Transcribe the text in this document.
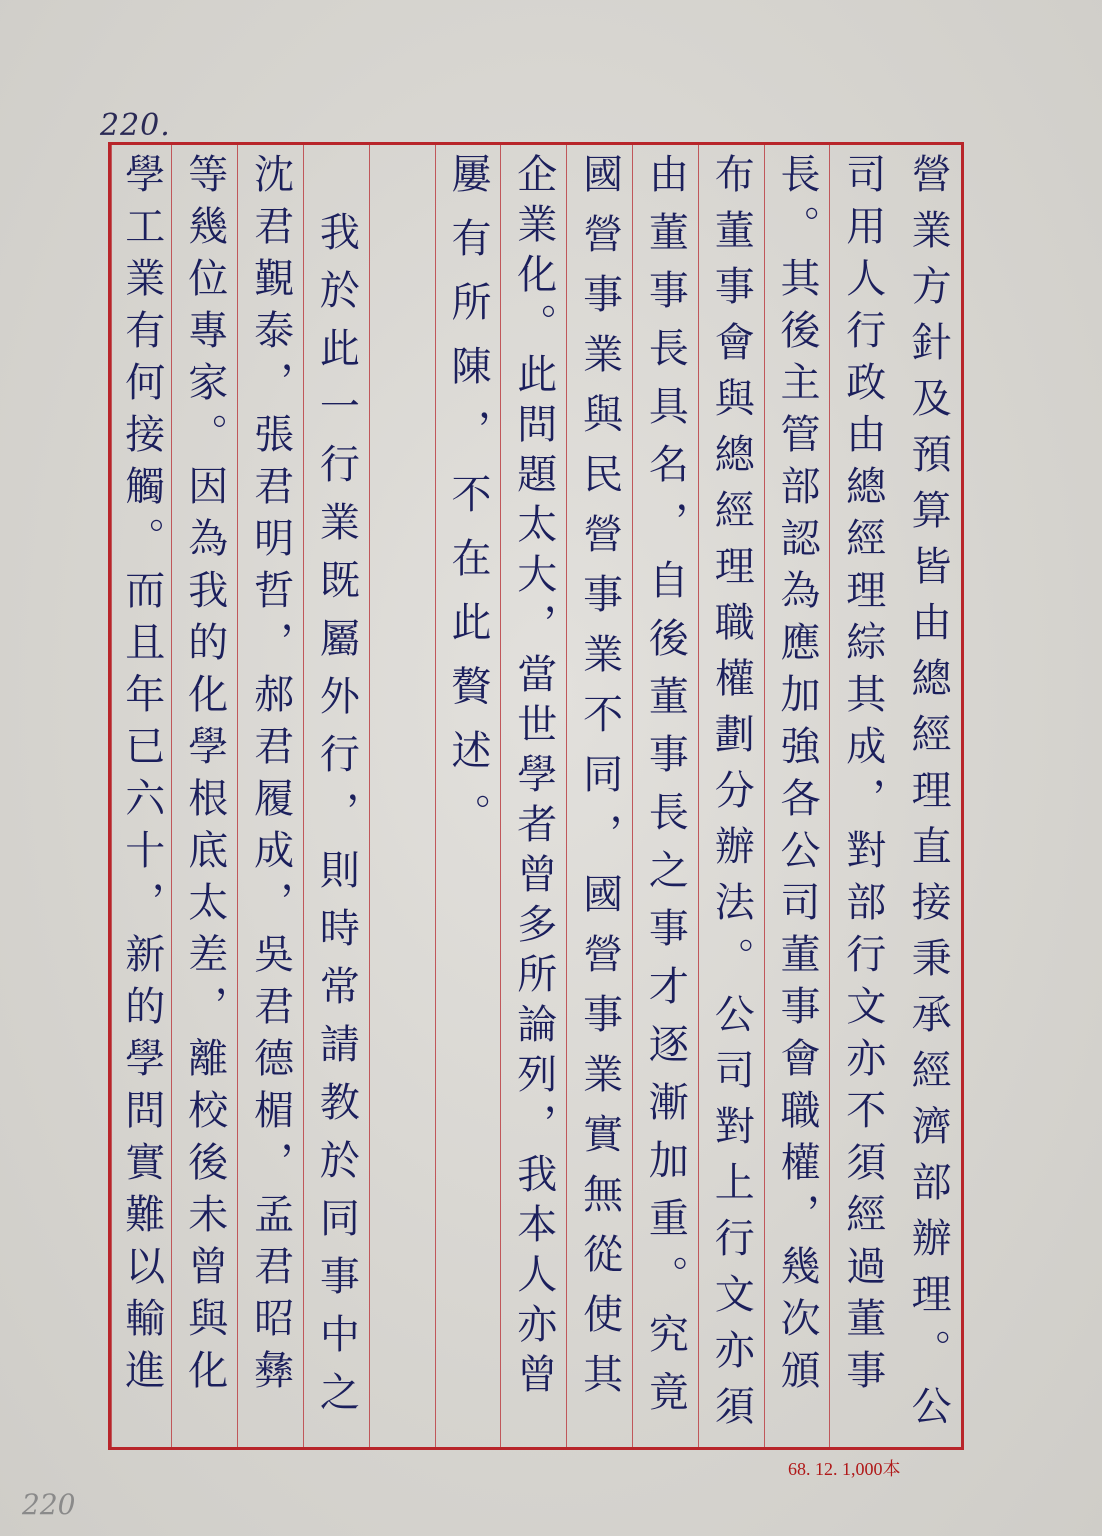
220.
營業方針及預算皆由總經理直接秉承經濟部辦理。公
司用人行政由總經理綜其成，對部行文亦不須經過董事
長。其後主管部認為應加強各公司董事會職權，幾次頒
布董事會與總經理職權劃分辦法。公司對上行文亦須
由董事長具名，自後董事長之事才逐漸加重。究竟
國營事業與民營事業不同，國營事業實無從使其
企業化。此問題太大，當世學者曾多所論列，我本人亦曾
屢有所陳，不在此贅述。
　我於此一行業既屬外行，則時常請教於同事中之
沈君覲泰，張君明哲，郝君履成，吳君德楣，孟君昭彝
等幾位專家。因為我的化學根底太差，離校後未曾與化
學工業有何接觸。而且年已六十，新的學問實難以輸進
68. 12. 1,000本
220
